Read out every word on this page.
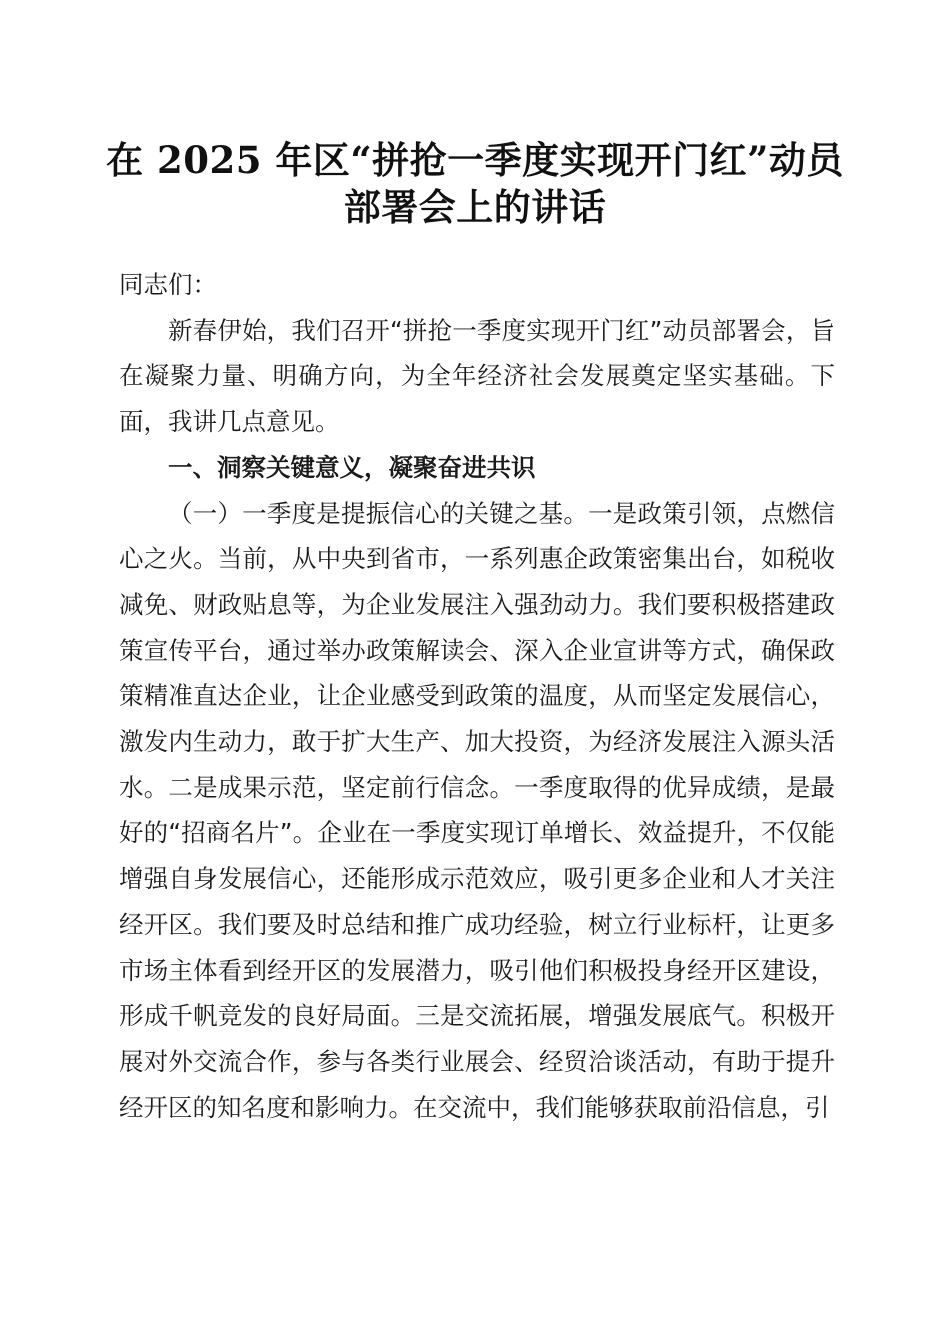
在 2025 年区“拼抢一季度实现开门红”动员
部署会上的讲话

同志们：

新春伊始，我们召开“拼抢一季度实现开门红”动员部署会，旨在凝聚力量、明确方向，为全年经济社会发展奠定坚实基础。下面，我讲几点意见。

一、洞察关键意义，凝聚奋进共识

（一）一季度是提振信心的关键之基。一是政策引领，点燃信心之火。当前，从中央到省市，一系列惠企政策密集出台，如税收减免、财政贴息等，为企业发展注入强劲动力。我们要积极搭建政策宣传平台，通过举办政策解读会、深入企业宣讲等方式，确保政策精准直达企业，让企业感受到政策的温度，从而坚定发展信心，激发内生动力，敢于扩大生产、加大投资，为经济发展注入源头活水。二是成果示范，坚定前行信念。一季度取得的优异成绩，是最好的“招商名片”。企业在一季度实现订单增长、效益提升，不仅能增强自身发展信心，还能形成示范效应，吸引更多企业和人才关注经开区。我们要及时总结和推广成功经验，树立行业标杆，让更多市场主体看到经开区的发展潜力，吸引他们积极投身经开区建设，形成千帆竞发的良好局面。三是交流拓展，增强发展底气。积极开展对外交流合作，参与各类行业展会、经贸洽谈活动，有助于提升经开区的知名度和影响力。在交流中，我们能够获取前沿信息，引
